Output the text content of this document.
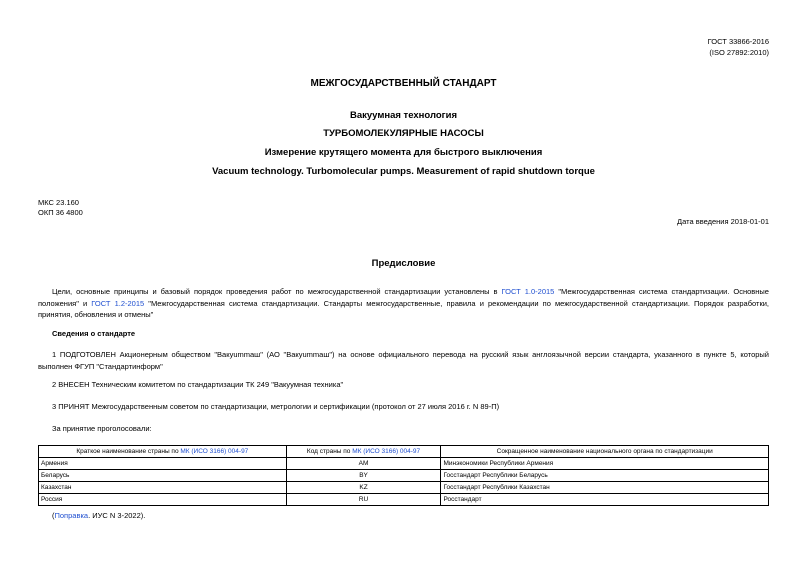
ГОСТ 33866-2016
(ISO 27892:2010)
МЕЖГОСУДАРСТВЕННЫЙ СТАНДАРТ
Вакуумная технология
ТУРБОМОЛЕКУЛЯРНЫЕ НАСОСЫ
Измерение крутящего момента для быстрого выключения
Vacuum technology. Turbomolecular pumps. Measurement of rapid shutdown torque
МКС 23.160
ОКП 36 4800
Дата введения 2018-01-01
Предисловие
Цели, основные принципы и базовый порядок проведения работ по межгосударственной стандартизации установлены в ГОСТ 1.0-2015 "Межгосударственная система стандартизации. Основные положения" и ГОСТ 1.2-2015 "Межгосударственная система стандартизации. Стандарты межгосударственные, правила и рекомендации по межгосударственной стандартизации. Порядок разработки, принятия, обновления и отмены"
Сведения о стандарте
1 ПОДГОТОВЛЕН Акционерным обществом "Вакуummаш" (АО "Вакуummаш") на основе официального перевода на русский язык англоязычной версии стандарта, указанного в пункте 5, который выполнен ФГУП "Стандартинформ"
2 ВНЕСЕН Техническим комитетом по стандартизации ТК 249 "Вакуумная техника"
3 ПРИНЯТ Межгосударственным советом по стандартизации, метрологии и сертификации (протокол от 27 июля 2016 г. N 89-П)
За принятие проголосовали:
Краткое наименование страны по МК (ИСО 3166) 004-97	Код страны по МК (ИСО 3166) 004-97	Сокращенное наименование национального органа по стандартизации
Армения	AM	Минэкономики Республики Армения
Беларусь	BY	Госстандарт Республики Беларусь
Казахстан	KZ	Госстандарт Республики Казахстан
Россия	RU	Росстандарт
(Поправка. ИУС N 3-2022).
